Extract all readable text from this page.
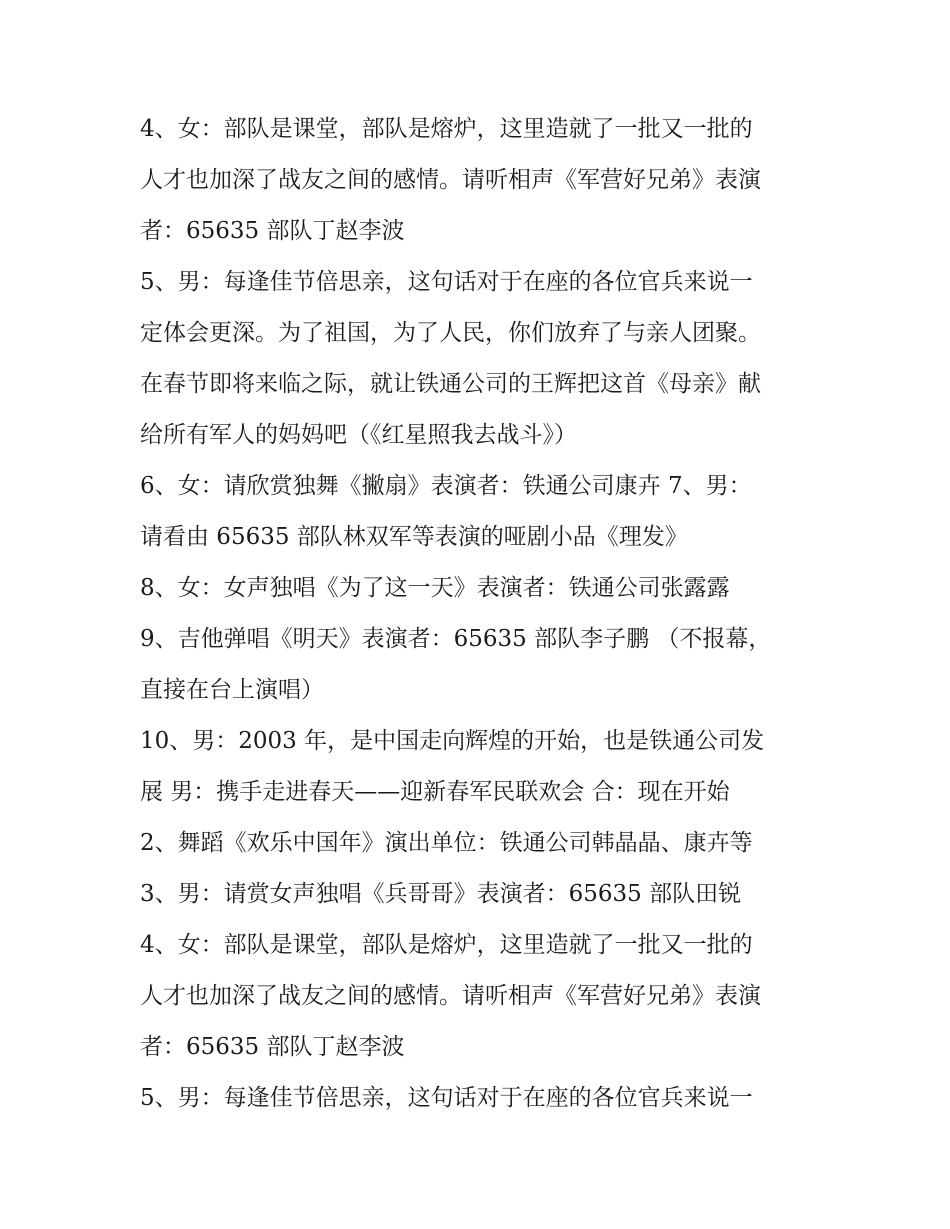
4、女：部队是课堂，部队是熔炉，这里造就了一批又一批的
人才也加深了战友之间的感情。请听相声《军营好兄弟》表演
者：65635 部队丁赵李波
5、男：每逢佳节倍思亲，这句话对于在座的各位官兵来说一
定体会更深。为了祖国，为了人民，你们放弃了与亲人团聚。
在春节即将来临之际，就让铁通公司的王辉把这首《母亲》献
给所有军人的妈妈吧（《红星照我去战斗》）
6、女：请欣赏独舞《撇扇》表演者：铁通公司康卉 7、男：
请看由 65635 部队林双军等表演的哑剧小品《理发》
8、女：女声独唱《为了这一天》表演者：铁通公司张露露
9、吉他弹唱《明天》表演者：65635 部队李子鹏 （不报幕，
直接在台上演唱）
10、男：2003 年，是中国走向辉煌的开始，也是铁通公司发
展 男：携手走进春天——迎新春军民联欢会 合：现在开始
2、舞蹈《欢乐中国年》演出单位：铁通公司韩晶晶、康卉等
3、男：请赏女声独唱《兵哥哥》表演者：65635 部队田锐
4、女：部队是课堂，部队是熔炉，这里造就了一批又一批的
人才也加深了战友之间的感情。请听相声《军营好兄弟》表演
者：65635 部队丁赵李波
5、男：每逢佳节倍思亲，这句话对于在座的各位官兵来说一
